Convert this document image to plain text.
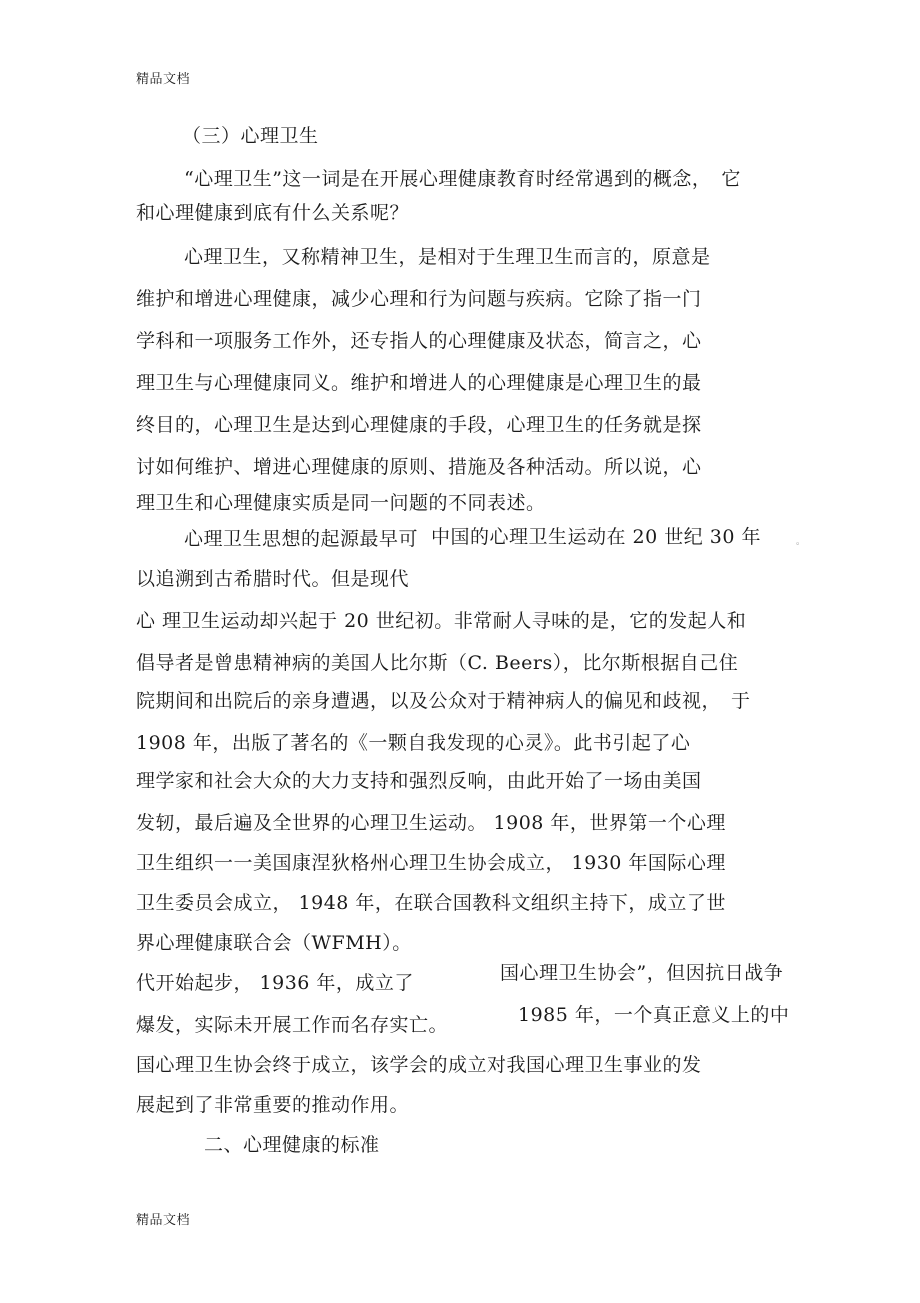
精品文档
（三）心理卫生
“心理卫生”这一词是在开展心理健康教育时经常遇到的概念，　它
和心理健康到底有什么关系呢？
心理卫生，又称精神卫生，是相对于生理卫生而言的，原意是
维护和增进心理健康，减少心理和行为问题与疾病。它除了指一门
学科和一项服务工作外，还专指人的心理健康及状态，简言之，心
理卫生与心理健康同义。维护和增进人的心理健康是心理卫生的最
终目的，心理卫生是达到心理健康的手段，心理卫生的任务就是探
讨如何维护、增进心理健康的原则、措施及各种活动。所以说，心
理卫生和心理健康实质是同一问题的不同表述。
心理卫生思想的起源最早可 中国的心理卫生运动在 20 世纪 30 年	。
以追溯到古希腊时代。但是现代
心 理卫生运动却兴起于 20 世纪初。非常耐人寻味的是，它的发起人和
倡导者是曾患精神病的美国人比尔斯（C. Beers），比尔斯根据自己住
院期间和出院后的亲身遭遇，以及公众对于精神病人的偏见和歧视，　于
1908 年，出版了著名的《一颗自我发现的心灵》。此书引起了心
理学家和社会大众的大力支持和强烈反响，由此开始了一场由美国
发轫，最后遍及全世界的心理卫生运动。 1908 年，世界第一个心理
卫生组织一一美国康涅狄格州心理卫生协会成立， 1930 年国际心理
卫生委员会成立， 1948 年，在联合国教科文组织主持下，成立了世
界心理健康联合会（WFMH）。
代开始起步， 1936 年，成立了	国心理卫生协会”，但因抗日战争
爆发，实际未开展工作而名存实亡。	1985 年，一个真正意义上的中
国心理卫生协会终于成立，该学会的成立对我国心理卫生事业的发
展起到了非常重要的推动作用。
二、心理健康的标准
精品文档
